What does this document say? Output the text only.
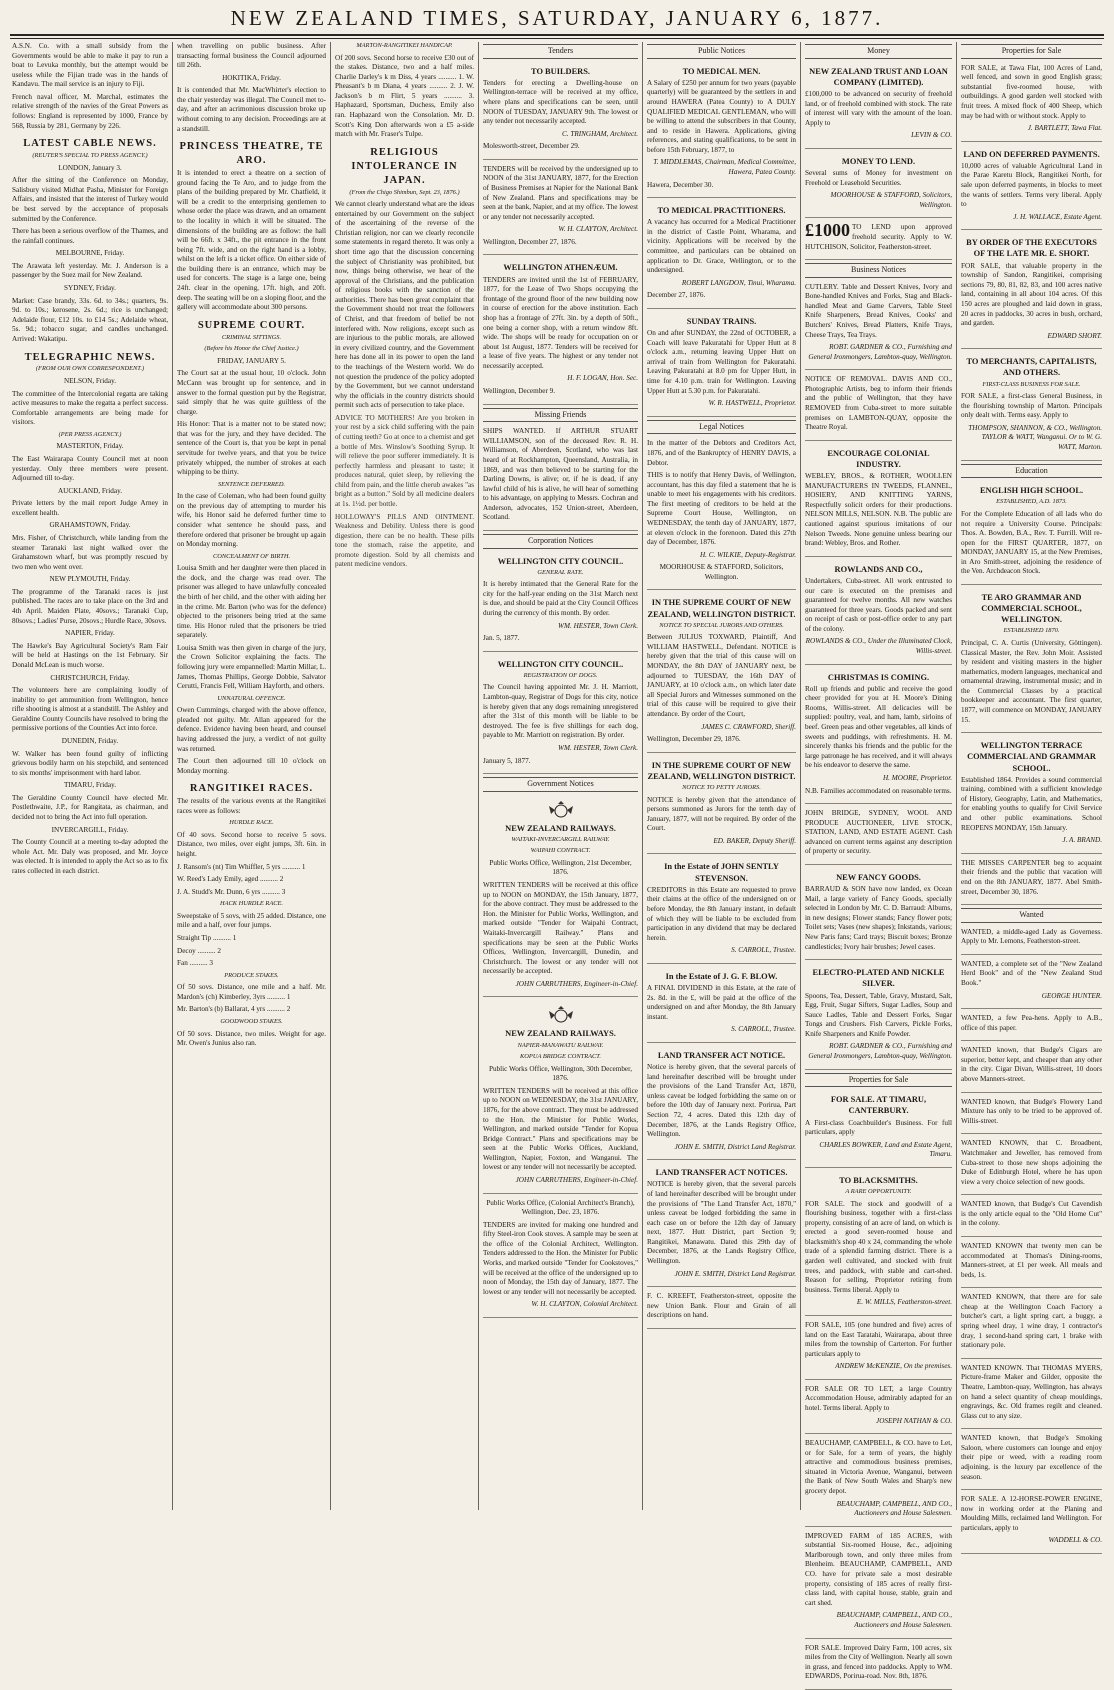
NEW ZEALAND TIMES, SATURDAY, JANUARY 6, 1877.

A.S.N. Co. with a small subsidy from the Governments would be able to make it pay to run a boat to Levuka monthly, but the attempt would be useless while the Fijian trade was in the hands of Kandavu. The mail service is an injury to Fiji.

French naval officer, M. Marchal, estimates the relative strength of the navies of the Great Powers as follows: England is represented by 1000, France by 568, Russia by 281, Germany by 226.

LATEST CABLE NEWS.
(REUTER'S SPECIAL TO PRESS AGENCY.)

LONDON, January 3.

After the sitting of the Conference on Monday, Salisbury visited Midhat Pasha, Minister for Foreign Affairs, and insisted that the interest of Turkey would be best served by the acceptance of proposals submitted by the Conference.

There has been a serious overflow of the Thames, and the rainfall continues.

MELBOURNE, Friday.

The Arawata left yesterday. Mr. J. Anderson is a passenger by the Suez mail for New Zealand.

SYDNEY, Friday.

Market: Case brandy, 33s. 6d. to 34s.; quarters, 9s. 9d. to 10s.; kerosene, 2s. 6d.; rice is unchanged; Adelaide flour, £12 10s. to £14 5s.; Adelaide wheat, 5s. 9d.; tobacco sugar, and candles unchanged. Arrived: Wakatipu.

TELEGRAPHIC NEWS.
(FROM OUR OWN CORRESPONDENT.)

NELSON, Friday.

The committee of the Intercolonial regatta are taking active measures to make the regatta a perfect success. Comfortable arrangements are being made for visitors.

(PER PRESS AGENCY.)

MASTERTON, Friday.

The East Wairarapa County Council met at noon yesterday. Only three members were present. Adjourned till to-day.

AUCKLAND, Friday.

Private letters by the mail report Judge Arney in excellent health.

GRAHAMSTOWN, Friday.

Mrs. Fisher, of Christchurch, while landing from the steamer Taranaki last night walked over the Grahamstown wharf, but was promptly rescued by two men who went over.

NEW PLYMOUTH, Friday.

The programme of the Taranaki races is just published. The races are to take place on the 3rd and 4th April. Maiden Plate, 40sovs.; Taranaki Cup, 80sovs.; Ladies' Purse, 20sovs.; Hurdle Race, 30sovs.

NAPIER, Friday.

The Hawke's Bay Agricultural Society's Ram Fair will be held at Hastings on the 1st February. Sir Donald McLean is much worse.

CHRISTCHURCH, Friday.

The volunteers here are complaining loudly of inability to get ammunition from Wellington, hence rifle shooting is almost at a standstill. The Ashley and Geraldine County Councils have resolved to bring the permissive portions of the Counties Act into force.

DUNEDIN, Friday.

W. Walker has been found guilty of inflicting grievous bodily harm on his stepchild, and sentenced to six months' imprisonment with hard labor.

TIMARU, Friday.

The Geraldine County Council have elected Mr. Postlethwaite, J.P., for Rangitata, as chairman, and decided not to bring the Act into full operation.

INVERCARGILL, Friday.

The County Council at a meeting to-day adopted the whole Act. Mr. Daly was proposed, and Mr. Joyce was elected. It is intended to apply the Act so as to fix rates collected in each district.

when travelling on public business. After transacting formal business the Council adjourned till 26th.

HOKITIKA, Friday.

It is contended that Mr. MacWhirter's election to the chair yesterday was illegal. The Council met to-day, and after an acrimonious discussion broke up without coming to any decision. Proceedings are at a standstill.

PRINCESS THEATRE, TE ARO.

It is intended to erect a theatre on a section of ground facing the Te Aro, and to judge from the plans of the building prepared by Mr. Chatfield, it will be a credit to the enterprising gentlemen to whose order the place was drawn, and an ornament to the locality in which it will be situated. The dimensions of the building are as follow: the hall will be 66ft. x 34ft., the pit entrance in the front being 7ft. wide, and on the right hand is a lobby, whilst on the left is a ticket office. On either side of the building there is an entrance, which may be used for concerts. The stage is a large one, being 24ft. clear in the opening, 17ft. high, and 20ft. deep. The seating will be on a sloping floor, and the gallery will accommodate about 300 persons.

SUPREME COURT.
CRIMINAL SITTINGS.
(Before his Honor the Chief Justice.)

FRIDAY, JANUARY 5.

The Court sat at the usual hour, 10 o'clock. John McCann was brought up for sentence, and in answer to the formal question put by the Registrar, said simply that he was quite guiltless of the charge.

His Honor: That is a matter not to be stated now; that was for the jury, and they have decided. The sentence of the Court is, that you be kept in penal servitude for twelve years, and that you be twice privately whipped, the number of strokes at each whipping to be thirty.

SENTENCE DEFERRED.

In the case of Coleman, who had been found guilty on the previous day of attempting to murder his wife, his Honor said he deferred further time to consider what sentence he should pass, and therefore ordered that prisoner be brought up again on Monday morning.

CONCEALMENT OF BIRTH.

Louisa Smith and her daughter were then placed in the dock, and the charge was read over. The prisoner was alleged to have unlawfully concealed the birth of her child, and the other with aiding her in the crime. Mr. Barton (who was for the defence) objected to the prisoners being tried at the same time. His Honor ruled that the prisoners be tried separately.

Louisa Smith was then given in charge of the jury, the Crown Solicitor explaining the facts. The following jury were empannelled: Martin Millar, L. James, Thomas Phillips, George Dobbie, Salvator Cerutti, Francis Fell, William Hayforth, and others.

UNNATURAL OFFENCE.

Owen Cummings, charged with the above offence, pleaded not guilty. Mr. Allan appeared for the defence. Evidence having been heard, and counsel having addressed the jury, a verdict of not guilty was returned.

The Court then adjourned till 10 o'clock on Monday morning.

RANGITIKEI RACES.

The results of the various events at the Rangitikei races were as follows:

HURDLE RACE.

Of 40 sovs. Second horse to receive 5 sovs. Distance, two miles, over eight jumps, 3ft. 6in. in height.

J. Ransom's (nt) Tim Whiffler, 5 yrs .......... 1

W. Reed's Lady Emily, aged .......... 2

J. A. Studd's Mr. Dunn, 6 yrs .......... 3

HACK HURDLE RACE.

Sweepstake of 5 sovs, with 25 added. Distance, one mile and a half, over four jumps.

Straight Tip .......... 1

Decoy .......... 2

Fan .......... 3

PRODUCE STAKES.

Of 50 sovs. Distance, one mile and a half. Mr. Mardon's (ch) Kimberley, 3yrs .......... 1

Mr. Barton's (b) Ballarat, 4 yrs .......... 2

GOODWOOD STAKES.

Of 50 sovs. Distance, two miles. Weight for age. Mr. Owen's Junius also ran.

MARTON-RANGITIKEI HANDICAP.

Of 200 sovs. Second horse to receive £30 out of the stakes. Distance, two and a half miles. Charlie Darley's k m Diss, 4 years .......... 1. W. Pheasant's b m Diana, 4 years .......... 2. J. W. Jackson's b m Flirt, 5 years .......... 3. Haphazard, Sportsman, Duchess, Emily also ran. Haphazard won the Consolation. Mr. D. Scott's King Don afterwards won a £5 a-side match with Mr. Fraser's Tulpe.

RELIGIOUS INTOLERANCE IN JAPAN.
(From the Chigo Shimbun, Sept. 23, 1876.)

We cannot clearly understand what are the ideas entertained by our Government on the subject of the ascertaining of the reverse of the Christian religion, nor can we clearly reconcile some statements in regard thereto. It was only a short time ago that the discussion concerning the subject of Christianity was prohibited, but now, things being otherwise, we hear of the approval of the Christians, and the publication of religious books with the sanction of the authorities. There has been great complaint that the Government should not treat the followers of Christ, and that freedom of belief be not interfered with. Now religions, except such as are injurious to the public morals, are allowed in every civilized country, and the Government here has done all in its power to open the land to the teachings of the Western world. We do not question the prudence of the policy adopted by the Government, but we cannot understand why the officials in the country districts should permit such acts of persecution to take place.

ADVICE TO MOTHERS! Are you broken in your rest by a sick child suffering with the pain of cutting teeth? Go at once to a chemist and get a bottle of Mrs. Winslow's Soothing Syrup. It will relieve the poor sufferer immediately. It is perfectly harmless and pleasant to taste; it produces natural, quiet sleep, by relieving the child from pain, and the little cherub awakes "as bright as a button." Sold by all medicine dealers at 1s. 1½d. per bottle.

HOLLOWAY'S PILLS AND OINTMENT. Weakness and Debility. Unless there is good digestion, there can be no health. These pills tone the stomach, raise the appetite, and promote digestion. Sold by all chemists and patent medicine vendors.

Tenders
TO BUILDERS.

Tenders for erecting a Dwelling-house on Wellington-terrace will be received at my office, where plans and specifications can be seen, until NOON of TUESDAY, JANUARY 9th. The lowest or any tender not necessarily accepted.

C. TRINGHAM, Architect.

Molesworth-street, December 29.

TENDERS will be received by the undersigned up to NOON of the 31st JANUARY, 1877, for the Erection of Business Premises at Napier for the National Bank of New Zealand. Plans and specifications may be seen at the bank, Napier, and at my office. The lowest or any tender not necessarily accepted.

W. H. CLAYTON, Architect.

Wellington, December 27, 1876.

WELLINGTON ATHENÆUM.

TENDERS are invited until the 1st of FEBRUARY, 1877, for the Lease of Two Shops occupying the frontage of the ground floor of the new building now in course of erection for the above institution. Each shop has a frontage of 27ft. 3in. by a depth of 50ft., one being a corner shop, with a return window 8ft. wide. The shops will be ready for occupation on or about 1st August, 1877. Tenders will be received for a lease of five years. The highest or any tender not necessarily accepted.

H. F. LOGAN, Hon. Sec.

Wellington, December 9.

Missing Friends

SHIPS WANTED. If ARTHUR STUART WILLIAMSON, son of the deceased Rev. R. H. Williamson, of Aberdeen, Scotland, who was last heard of at Rockhampton, Queensland, Australia, in 1869, and was then believed to be starting for the Darling Downs, is alive; or, if he is dead, if any lawful child of his is alive, he will hear of something to his advantage, on applying to Messrs. Cochran and Anderson, advocates, 152 Union-street, Aberdeen, Scotland.

Corporation Notices
WELLINGTON CITY COUNCIL.
GENERAL RATE.

It is hereby intimated that the General Rate for the city for the half-year ending on the 31st March next is due, and should be paid at the City Council Offices during the currency of this month. By order.

WM. HESTER, Town Clerk.

Jan. 5, 1877.

WELLINGTON CITY COUNCIL.
REGISTRATION OF DOGS.

The Council having appointed Mr. J. H. Marriott, Lambton-quay, Registrar of Dogs for this city, notice is hereby given that any dogs remaining unregistered after the 31st of this month will be liable to be destroyed. The fee is five shillings for each dog, payable to Mr. Marriott on registration. By order.

WM. HESTER, Town Clerk.

January 5, 1877.

Government Notices
NEW ZEALAND RAILWAYS.
WAITAKI-INVERCARGILL RAILWAY.
WAIPAHI CONTRACT.

Public Works Office, Wellington, 21st December, 1876.

WRITTEN TENDERS will be received at this office up to NOON on MONDAY, the 15th January, 1877, for the above contract. They must be addressed to the Hon. the Minister for Public Works, Wellington, and marked outside "Tender for Waipahi Contract, Waitaki-Invercargill Railway." Plans and specifications may be seen at the Public Works Offices, Wellington, Invercargill, Dunedin, and Christchurch. The lowest or any tender will not necessarily be accepted.

JOHN CARRUTHERS, Engineer-in-Chief.

NEW ZEALAND RAILWAYS.
NAPIER-MANAWATU RAILWAY.
KOPUA BRIDGE CONTRACT.

Public Works Office, Wellington, 30th December, 1876.

WRITTEN TENDERS will be received at this office up to NOON on WEDNESDAY, the 31st JANUARY, 1876, for the above contract. They must be addressed to the Hon. the Minister for Public Works, Wellington, and marked outside "Tender for Kopua Bridge Contract." Plans and specifications may be seen at the Public Works Offices, Auckland, Wellington, Napier, Foxton, and Wanganui. The lowest or any tender will not necessarily be accepted.

JOHN CARRUTHERS, Engineer-in-Chief.

Public Works Office, (Colonial Architect's Branch), Wellington, Dec. 23, 1876.

TENDERS are invited for making one hundred and fifty Steel-iron Cook stoves. A sample may be seen at the office of the Colonial Architect, Wellington. Tenders addressed to the Hon. the Minister for Public Works, and marked outside "Tender for Cookstoves," will be received at the office of the undersigned up to noon of Monday, the 15th day of January, 1877. The lowest or any tender will not necessarily be accepted.

W. H. CLAYTON, Colonial Architect.

Public Notices
TO MEDICAL MEN.

A Salary of £250 per annum for two years (payable quarterly) will be guaranteed by the settlers in and around HAWERA (Patea County) to A DULY QUALIFIED MEDICAL GENTLEMAN, who will be willing to attend the subscribers in that County, and to reside in Hawera. Applications, giving references, and stating qualifications, to be sent in before 15th February, 1877, to

T. MIDDLEMAS, Chairman, Medical Committee, Hawera, Patea County.

Hawera, December 30.

TO MEDICAL PRACTITIONERS.

A vacancy has occurred for a Medical Practitioner in the district of Castle Point, Wharama, and vicinity. Applications will be received by the committee, and particulars can be obtained on application to Dr. Grace, Wellington, or to the undersigned.

ROBERT LANGDON, Tinui, Wharama.

December 27, 1876.

SUNDAY TRAINS.

On and after SUNDAY, the 22nd of OCTOBER, a Coach will leave Pakuratahi for Upper Hutt at 8 o'clock a.m., returning leaving Upper Hutt on arrival of train from Wellington for Pakuratahi. Leaving Pakuratahi at 8.0 pm for Upper Hutt, in time for 4.10 p.m. train for Wellington. Leaving Upper Hutt at 5.30 p.m. for Pakuratahi.

W. R. HASTWELL, Proprietor.

Legal Notices

In the matter of the Debtors and Creditors Act, 1876, and of the Bankruptcy of HENRY DAVIS, a Debtor.

THIS is to notify that Henry Davis, of Wellington, accountant, has this day filed a statement that he is unable to meet his engagements with his creditors. The first meeting of creditors to be held at the Supreme Court House, Wellington, on WEDNESDAY, the tenth day of JANUARY, 1877, at eleven o'clock in the forenoon. Dated this 27th day of December, 1876.

H. C. WILKIE, Deputy-Registrar.

MOORHOUSE & STAFFORD, Solicitors, Wellington.

IN THE SUPREME COURT OF NEW ZEALAND, WELLINGTON DISTRICT.
NOTICE TO SPECIAL JURORS AND OTHERS.

Between JULIUS TOXWARD, Plaintiff, And WILLIAM HASTWELL, Defendant. NOTICE is hereby given that the trial of this cause will on MONDAY, the 8th DAY of JANUARY next, be adjourned to TUESDAY, the 16th DAY of JANUARY, at 10 o'clock a.m., on which later date all Special Jurors and Witnesses summoned on the trial of this cause will be required to give their attendance. By order of the Court,

JAMES C. CRAWFORD, Sheriff.

Wellington, December 29, 1876.

IN THE SUPREME COURT OF NEW ZEALAND, WELLINGTON DISTRICT.
NOTICE TO PETTY JURORS.

NOTICE is hereby given that the attendance of persons summoned as Jurors for the tenth day of January, 1877, will not be required. By order of the Court.

ED. BAKER, Deputy Sheriff.

In the Estate of JOHN SENTLY STEVENSON.

CREDITORS in this Estate are requested to prove their claims at the office of the undersigned on or before Monday, the 8th January instant, in default of which they will be liable to be excluded from participation in any dividend that may be declared herein.

S. CARROLL, Trustee.

In the Estate of J. G. F. BLOW.

A FINAL DIVIDEND in this Estate, at the rate of 2s. 8d. in the £, will be paid at the office of the undersigned on and after Monday, the 8th January instant.

S. CARROLL, Trustee.

LAND TRANSFER ACT NOTICE.

Notice is hereby given, that the several parcels of land hereinafter described will be brought under the provisions of the Land Transfer Act, 1870, unless caveat be lodged forbidding the same on or before the 10th day of January next. Porirua, Part Section 72, 4 acres. Dated this 12th day of December, 1876, at the Lands Registry Office, Wellington.

JOHN E. SMITH, District Land Registrar.

LAND TRANSFER ACT NOTICES.

NOTICE is hereby given, that the several parcels of land hereinafter described will be brought under the provisions of "The Land Transfer Act, 1870," unless caveat be lodged forbidding the same in each case on or before the 12th day of January next, 1877. Hutt District, part Section 9; Rangitikei, Manawatu. Dated this 29th day of December, 1876, at the Lands Registry Office, Wellington.

JOHN E. SMITH, District Land Registrar.

F. C. KREEFT, Featherston-street, opposite the new Union Bank. Flour and Grain of all descriptions on hand.

Money
NEW ZEALAND TRUST AND LOAN COMPANY (LIMITED).

£100,000 to be advanced on security of freehold land, or of freehold combined with stock. The rate of interest will vary with the amount of the loan. Apply to

LEVIN & CO.

MONEY TO LEND.

Several sums of Money for investment on Freehold or Leasehold Securities.

MOORHOUSE & STAFFORD, Solicitors, Wellington.

£1000 TO LEND upon approved freehold security. Apply to W. HUTCHISON, Solicitor, Featherston-street.

Business Notices

CUTLERY. Table and Dessert Knives, Ivory and Bone-handled Knives and Forks, Stag and Black-handled Meat and Game Carvers, Table Steel Knife Sharpeners, Bread Knives, Cooks' and Butchers' Knives, Bread Platters, Knife Trays, Cheese Trays, Tea Trays.

ROBT. GARDNER & CO., Furnishing and General Ironmongers, Lambton-quay, Wellington.

NOTICE OF REMOVAL. DAVIS AND CO., Photographic Artists, beg to inform their friends and the public of Wellington, that they have REMOVED from Cuba-street to more suitable premises on LAMBTON-QUAY, opposite the Theatre Royal.

ENCOURAGE COLONIAL INDUSTRY.

WEBLEY, BROS., & ROTHER, WOOLLEN MANUFACTURERS IN TWEEDS, FLANNEL, HOSIERY, AND KNITTING YARNS, Respectfully solicit orders for their productions. NELSON MILLS, NELSON. N.B. The public are cautioned against spurious imitations of our Nelson Tweeds. None genuine unless bearing our brand: Webley, Bros. and Rother.

ROWLANDS AND CO.,

Undertakers, Cuba-street. All work entrusted to our care is executed on the premises and guaranteed for twelve months. All new watches guaranteed for three years. Goods packed and sent on receipt of cash or post-office order to any part of the colony.

ROWLANDS & CO., Under the Illuminated Clock, Willis-street.

CHRISTMAS IS COMING.

Roll up friends and public and receive the good cheer provided for you at H. Moore's Dining Rooms, Willis-street. All delicacies will be supplied: poultry, veal, and ham, lamb, sirloins of beef. Green peas and other vegetables, all kinds of sweets and puddings, with refreshments. H. M. sincerely thanks his friends and the public for the large patronage he has received, and it will always be his endeavor to deserve the same.

H. MOORE, Proprietor.

N.B. Families accommodated on reasonable terms.

JOHN BRIDGE, SYDNEY, WOOL AND PRODUCE AUCTIONEER, LIVE STOCK, STATION, LAND, AND ESTATE AGENT. Cash advanced on current terms against any description of property or security.

NEW FANCY GOODS.

BARRAUD & SON have now landed, ex Ocean Mail, a large variety of Fancy Goods, specially selected in London by Mr. C. D. Barraud: Albums, in new designs; Flower stands; Fancy flower pots; Toilet sets; Vases (new shapes); Inkstands, various; New Paris fans; Card trays; Biscuit boxes; Bronze candlesticks; Ivory hair brushes; Jewel cases.

ELECTRO-PLATED AND NICKLE SILVER.

Spoons, Tea, Dessert, Table, Gravy, Mustard, Salt, Egg, Fruit, Sugar Sifters, Sugar Ladles, Soup and Sauce Ladles, Table and Dessert Forks, Sugar Tongs and Crushers. Fish Carvers, Pickle Forks, Knife Sharpeners and Knife Powder.

ROBT. GARDNER & CO., Furnishing and General Ironmongers, Lambton-quay, Wellington.

Properties for Sale
FOR SALE. AT TIMARU, CANTERBURY.

A First-class Coachbuilder's Business. For full particulars, apply

CHARLES BOWKER, Land and Estate Agent, Timaru.

TO BLACKSMITHS.
A RARE OPPORTUNITY.

FOR SALE. The stock and goodwill of a flourishing business, together with a first-class property, consisting of an acre of land, on which is erected a good seven-roomed house and blacksmith's shop 40 x 24, commanding the whole trade of a splendid farming district. There is a garden well cultivated, and stocked with fruit trees, and paddock, with stable and cart-shed. Reason for selling, Proprietor retiring from business. Terms liberal. Apply to

E. W. MILLS, Featherston-street.

FOR SALE, 105 (one hundred and five) acres of land on the East Taratahi, Wairarapa, about three miles from the township of Carterton. For further particulars apply to

ANDREW McKENZIE, On the premises.

FOR SALE OR TO LET, a large Country Accommodation House, admirably adapted for an hotel. Terms liberal. Apply to

JOSEPH NATHAN & CO.

BEAUCHAMP, CAMPBELL, & CO. have to Let, or for Sale, for a term of years, the highly attractive and commodious business premises, situated in Victoria Avenue, Wanganui, between the Bank of New South Wales and Sharp's new grocery depot.

BEAUCHAMP, CAMPBELL, AND CO., Auctioneers and House Salesmen.

IMPROVED FARM of 185 ACRES, with substantial Six-roomed House, &c., adjoining Marlborough town, and only three miles from Blenheim. BEAUCHAMP, CAMPBELL, AND CO. have for private sale a most desirable property, consisting of 185 acres of really first-class land, with capital house, stable, grain and cart shed.

BEAUCHAMP, CAMPBELL, AND CO., Auctioneers and House Salesmen.

FOR SALE. Improved Dairy Farm, 100 acres, six miles from the City of Wellington. Nearly all sown in grass, and fenced into paddocks. Apply to WM. EDWARDS, Porirua-road. Nov. 8th, 1876.

Properties for Sale

FOR SALE, at Tawa Flat, 100 Acres of Land, well fenced, and sown in good English grass; substantial five-roomed house, with outbuildings. A good garden well stocked with fruit trees. A mixed flock of 400 Sheep, which may be had with or without stock. Apply to

J. BARTLETT, Tawa Flat.

LAND ON DEFERRED PAYMENTS.

10,000 acres of valuable Agricultural Land in the Parae Karetu Block, Rangitikei North, for sale upon deferred payments, in blocks to meet the wants of settlers. Terms very liberal. Apply to

J. H. WALLACE, Estate Agent.

BY ORDER OF THE EXECUTORS OF THE LATE MR. E. SHORT.

FOR SALE, that valuable property in the township of Sandon, Rangitikei, comprising sections 79, 80, 81, 82, 83, and 100 acres native land, containing in all about 104 acres. Of this 150 acres are ploughed and laid down in grass, 20 acres in paddocks, 30 acres in bush, orchard, and garden.

EDWARD SHORT.

TO MERCHANTS, CAPITALISTS, AND OTHERS.
FIRST-CLASS BUSINESS FOR SALE.

FOR SALE, a first-class General Business, in the flourishing township of Marton. Principals only dealt with. Terms easy. Apply to

THOMPSON, SHANNON, & CO., Wellington. TAYLOR & WATT, Wanganui. Or to W. G. WATT, Marton.

Education
ENGLISH HIGH SCHOOL.
ESTABLISHED, A.D. 1873.

For the Complete Education of all lads who do not require a University Course. Principals: Thos. A. Bowden, B.A., Rev. T. Furrill. Will re-open for the FIRST QUARTER, 1877, on MONDAY, JANUARY 15, at the New Premises, in Aro Smith-street, adjoining the residence of the Ven. Archdeacon Stock.

TE ARO GRAMMAR AND COMMERCIAL SCHOOL, WELLINGTON.
ESTABLISHED 1870.

Principal, C. A. Curtis (University, Göttingen). Classical Master, the Rev. John Moir. Assisted by resident and visiting masters in the higher mathematics, modern languages, mechanical and ornamental drawing, instrumental music; and in the Commercial Classes by a practical bookkeeper and accountant. The first quarter, 1877, will commence on MONDAY, JANUARY 15.

WELLINGTON TERRACE COMMERCIAL AND GRAMMAR SCHOOL.

Established 1864. Provides a sound commercial training, combined with a sufficient knowledge of History, Geography, Latin, and Mathematics, for enabling youths to qualify for Civil Service and other public examinations. School REOPENS MONDAY, 15th January.

J. A. BRAND.

THE MISSES CARPENTER beg to acquaint their friends and the public that vacation will end on the 8th JANUARY, 1877. Abel Smith-street, December 30, 1876.

Wanted

WANTED, a middle-aged Lady as Governess. Apply to Mr. Lemons, Featherston-street.

WANTED, a complete set of the "New Zealand Herd Book" and of the "New Zealand Stud Book."

GEORGE HUNTER.

WANTED, a few Pea-hens. Apply to A.B., office of this paper.

WANTED known, that Budge's Cigars are superior, better kept, and cheaper than any other in the city. Cigar Divan, Willis-street, 10 doors above Manners-street.

WANTED known, that Budge's Flowery Land Mixture has only to be tried to be approved of. Willis-street.

WANTED KNOWN, that C. Broadbent, Watchmaker and Jeweller, has removed from Cuba-street to those new shops adjoining the Duke of Edinburgh Hotel, where he has upon view a very choice selection of new goods.

WANTED known, that Budge's Cut Cavendish is the only article equal to the "Old Home Cut" in the colony.

WANTED KNOWN that twenty men can be accommodated at Thomas's Dining-rooms, Manners-street, at £1 per week. All meals and beds, 1s.

WANTED KNOWN, that there are for sale cheap at the Wellington Coach Factory a butcher's cart, a light spring cart, a buggy, a spring wheel dray, 1 wine dray, 1 contractor's dray, 1 second-hand spring cart, 1 brake with stationary pole.

WANTED KNOWN. That THOMAS MYERS, Picture-frame Maker and Gilder, opposite the Theatre, Lambton-quay, Wellington, has always on hand a select quantity of cheap mouldings, engravings, &c. Old frames regilt and cleaned. Glass cut to any size.

WANTED known, that Budge's Smoking Saloon, where customers can lounge and enjoy their pipe or weed, with a reading room adjoining, is the luxury par excellence of the season.

FOR SALE. A 12-HORSE-POWER ENGINE, now in working order at the Planing and Moulding Mills, reclaimed land Wellington. For particulars, apply to

WADDELL & CO.
